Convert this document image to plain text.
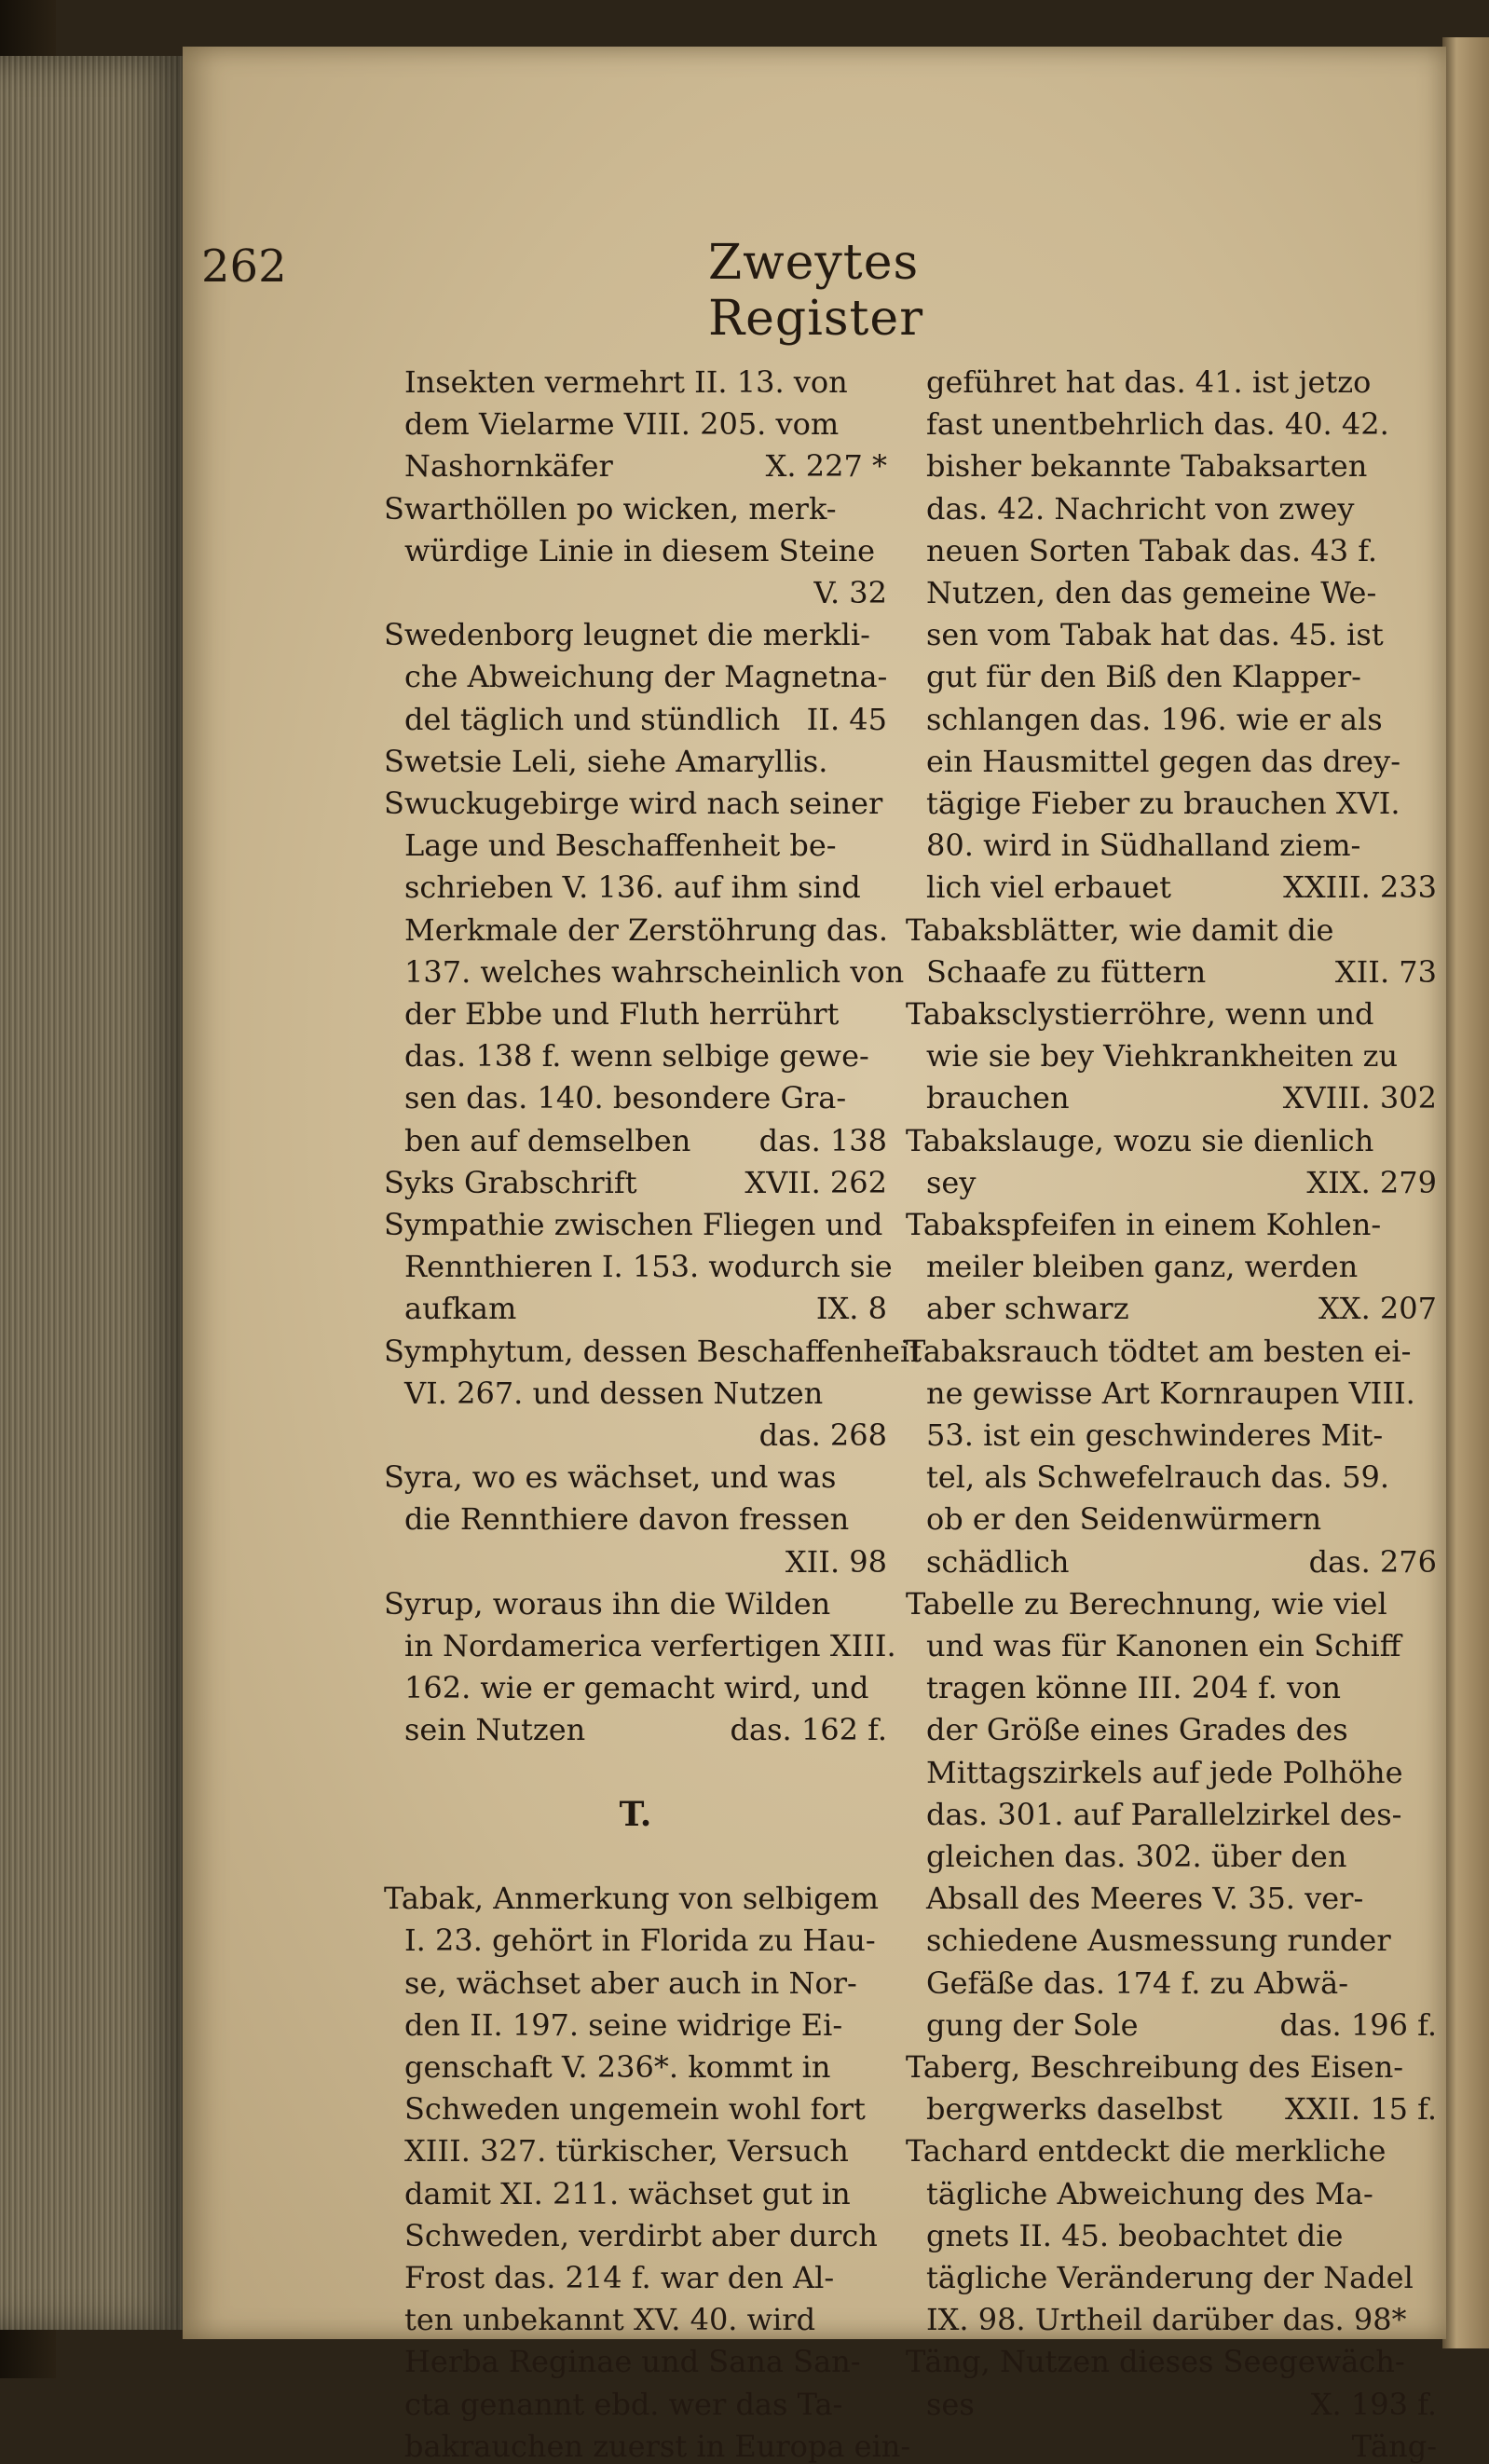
262	Zweytes Register
Insekten vermehrt II. 13. von
dem Vielarme VIII. 205. vom
Nashornkäfer	X. 227 *
Swarthöllen po wicken, merk-
würdige Linie in diesem Steine
V. 32
Swedenborg leugnet die merkli-
che Abweichung der Magnetna-
del täglich und stündlich II. 45
Swetsie Leli, siehe Amaryllis.
Swuckugebirge wird nach seiner
Lage und Beschaffenheit be-
schrieben V. 136. auf ihm sind
Merkmale der Zerstöhrung das.
137. welches wahrscheinlich von
der Ebbe und Fluth herrührt
das. 138 f. wenn selbige gewe-
sen das. 140. besondere Gra-
ben auf demselben das. 138
Syks Grabschrift	XVII. 262
Sympathie zwischen Fliegen und
Rennthieren I. 153. wodurch sie
aufkam	IX. 8
Symphytum, dessen Beschaffenheit
VI. 267. und dessen Nutzen
das. 268
Syra, wo es wächset, und was
die Rennthiere davon fressen
XII. 98
Syrup, woraus ihn die Wilden
in Nordamerica verfertigen XIII.
162. wie er gemacht wird, und
sein Nutzen	das. 162 f.
T.
Tabak, Anmerkung von selbigem
I. 23. gehört in Florida zu Hau-
se, wächset aber auch in Nor-
den II. 197. seine widrige Ei-
genschaft V. 236*. kommt in
Schweden ungemein wohl fort
XIII. 327. türkischer, Versuch
damit XI. 211. wächset gut in
Schweden, verdirbt aber durch
Frost das. 214 f. war den Al-
ten unbekannt XV. 40. wird
Herba Reginae und Sana San-
cta genannt ebd. wer das Ta-
bakrauchen zuerst in Europa ein-
geführet hat das. 41. ist jetzo
fast unentbehrlich das. 40. 42.
bisher bekannte Tabaksarten
das. 42. Nachricht von zwey
neuen Sorten Tabak das. 43 f.
Nutzen, den das gemeine We-
sen vom Tabak hat das. 45. ist
gut für den Biß den Klapper-
schlangen das. 196. wie er als
ein Hausmittel gegen das drey-
tägige Fieber zu brauchen XVI.
80. wird in Südhalland ziem-
lich viel erbauet	XXIII. 233
Tabaksblätter, wie damit die
Schaafe zu füttern	XII. 73
Tabaksclystierröhre, wenn und
wie sie bey Viehkrankheiten zu
brauchen	XVIII. 302
Tabakslauge, wozu sie dienlich
sey	XIX. 279
Tabakspfeifen in einem Kohlen-
meiler bleiben ganz, werden
aber schwarz	XX. 207
Tabaksrauch tödtet am besten ei-
ne gewisse Art Kornraupen VIII.
53. ist ein geschwinderes Mit-
tel, als Schwefelrauch das. 59.
ob er den Seidenwürmern
schädlich	das. 276
Tabelle zu Berechnung, wie viel
und was für Kanonen ein Schiff
tragen könne III. 204 f. von
der Größe eines Grades des
Mittagszirkels auf jede Polhöhe
das. 301. auf Parallelzirkel des-
gleichen das. 302. über den
Absall des Meeres V. 35. ver-
schiedene Ausmessung runder
Gefäße das. 174 f. zu Abwä-
gung der Sole	das. 196 f.
Taberg, Beschreibung des Eisen-
bergwerks daselbst XXII. 15 f.
Tachard entdeckt die merkliche
tägliche Abweichung des Ma-
gnets II. 45. beobachtet die
tägliche Veränderung der Nadel
IX. 98. Urtheil darüber das. 98*
Täng, Nutzen dieses Seegewäch-
ses	X. 193 f.
Täng-
